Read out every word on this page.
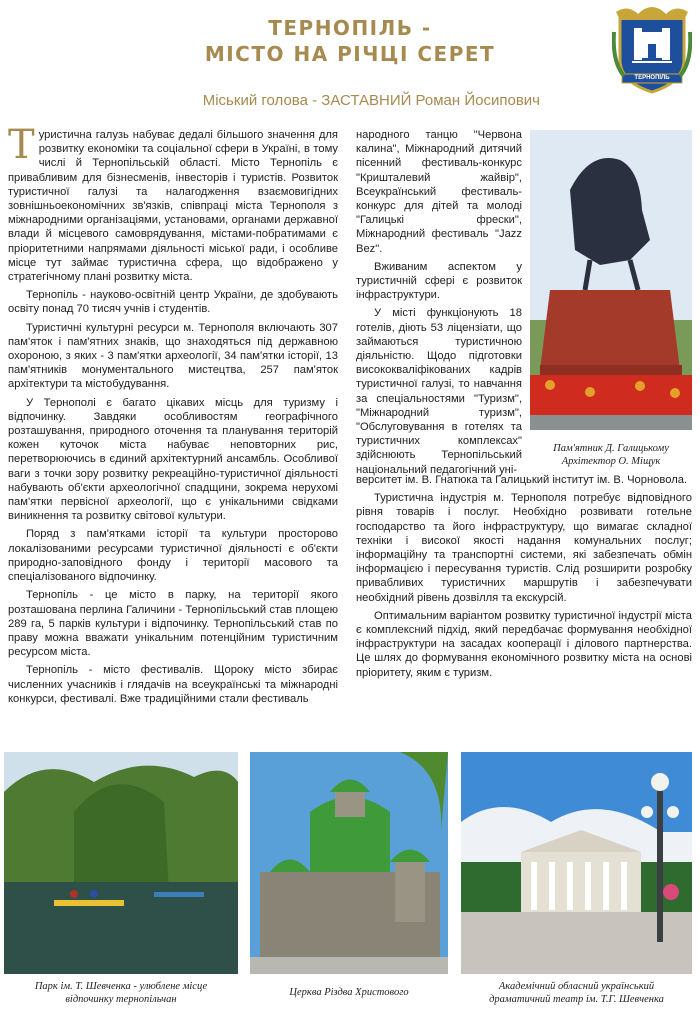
ТЕРНОПІЛЬ -
МІСТО НА РІЧЦІ СЕРЕТ
Міський голова - ЗАСТАВНИЙ Роман Йосипович
ТЕРНОПІЛЬ

Туристична галузь набуває дедалі більшого значення для розвитку економіки та соціальної сфери в Україні, в тому числі й Тернопільській області. Місто Тернопіль є привабливим для бізнесменів, інвесторів і туристів. Розвиток туристичної галузі та налагодження взаємовигідних зовнішньоекономічних зв'язків, співпраці міста Тернополя з міжнародними організаціями, установами, органами державної влади й місцевого самоврядування, містами-побратимами є пріоритетними напрямами діяльності міської ради, і особливе місце тут займає туристична сфера, що відображено у стратегічному плані розвитку міста.

Тернопіль - науково-освітній центр України, де здобувають освіту понад 70 тисяч учнів і студентів.

Туристичні культурні ресурси м. Тернополя включають 307 пам'яток і пам'ятних знаків, що знаходяться під державною охороною, з яких - 3 пам'ятки археології, 34 пам'ятки історії, 13 пам'ятників монументального мистецтва, 257 пам'яток архітектури та містобудування.

У Тернополі є багато цікавих місць для туризму і відпочинку. Завдяки особливостям географічного розташування, природного оточення та планування територій кожен куточок міста набуває неповторних рис, перетворюючись в єдиний архітектурний ансамбль. Особливої ваги з точки зору розвитку рекреаційно-туристичної діяльності набувають об'єкти археологічної спадщини, зокрема нерухомі пам'ятки первісної археології, що є унікальними свідками виникнення та розвитку світової культури.

Поряд з пам'ятками історії та культури просторово локалізованими ресурсами туристичної діяльності є об'єкти природно-заповідного фонду і території масового та спеціалізованого відпочинку.

Тернопіль - це місто в парку, на території якого розташована перлина Галичини - Тернопільський став площею 289 га, 5 парків культури і відпочинку. Тернопільський став по праву можна вважати унікальним потенційним туристичним ресурсом міста.

Тернопіль - місто фестивалів. Щороку місто збирає численних учасників і глядачів на всеукраїнські та міжнародні конкурси, фестивалі. Вже традиційними стали фестиваль

народного танцю "Червона калина", Міжнародний дитячий пісенний фестиваль-конкурс "Кришталевий жайвір", Всеукраїнський фестиваль-конкурс для дітей та молоді "Галицькі фрески", Міжнародний фестиваль "Jazz Bez".

Вживаним аспектом у туристичній сфері є розвиток інфраструктури.

У місті функціонують 18 готелів, діють 53 ліцензіати, що займаються туристичною діяльністю. Щодо підготовки висококваліфікованих кадрів туристичної галузі, то навчання за спеціальностями "Туризм", "Міжнародний туризм", "Обслуговування в готелях та туристичних комплексах" здійснюють Тернопільський національний педагогічний уні-

верситет ім. В. Гнатюка та Галицький інститут ім. В. Чорновола.

Туристична індустрія м. Тернополя потребує відповідного рівня товарів і послуг. Необхідно розвивати готельне господарство та його інфраструктуру, що вимагає складної техніки і високої якості надання комунальних послуг; інформаційну та транспортні системи, які забезпечать обмін інформацією і пересування туристів. Слід розширити розробку привабливих туристичних маршрутів і забезпечувати необхідний рівень дозвілля та екскурсій.

Оптимальним варіантом розвитку туристичної індустрії міста є комплексний підхід, який передбачає формування необхідної інфраструктури на засадах кооперації і ділового партнерства. Це шлях до формування економічного розвитку міста на основі пріоритету, яким є туризм.

Пам'ятник Д. Галицькому
Архітектор О. Міщук
Парк ім. Т. Шевченка - улюблене місце
відпочинку тернопільчан
Церква Різдва Христового
Академічний обласний український
драматичний театр ім. Т.Г. Шевченка
